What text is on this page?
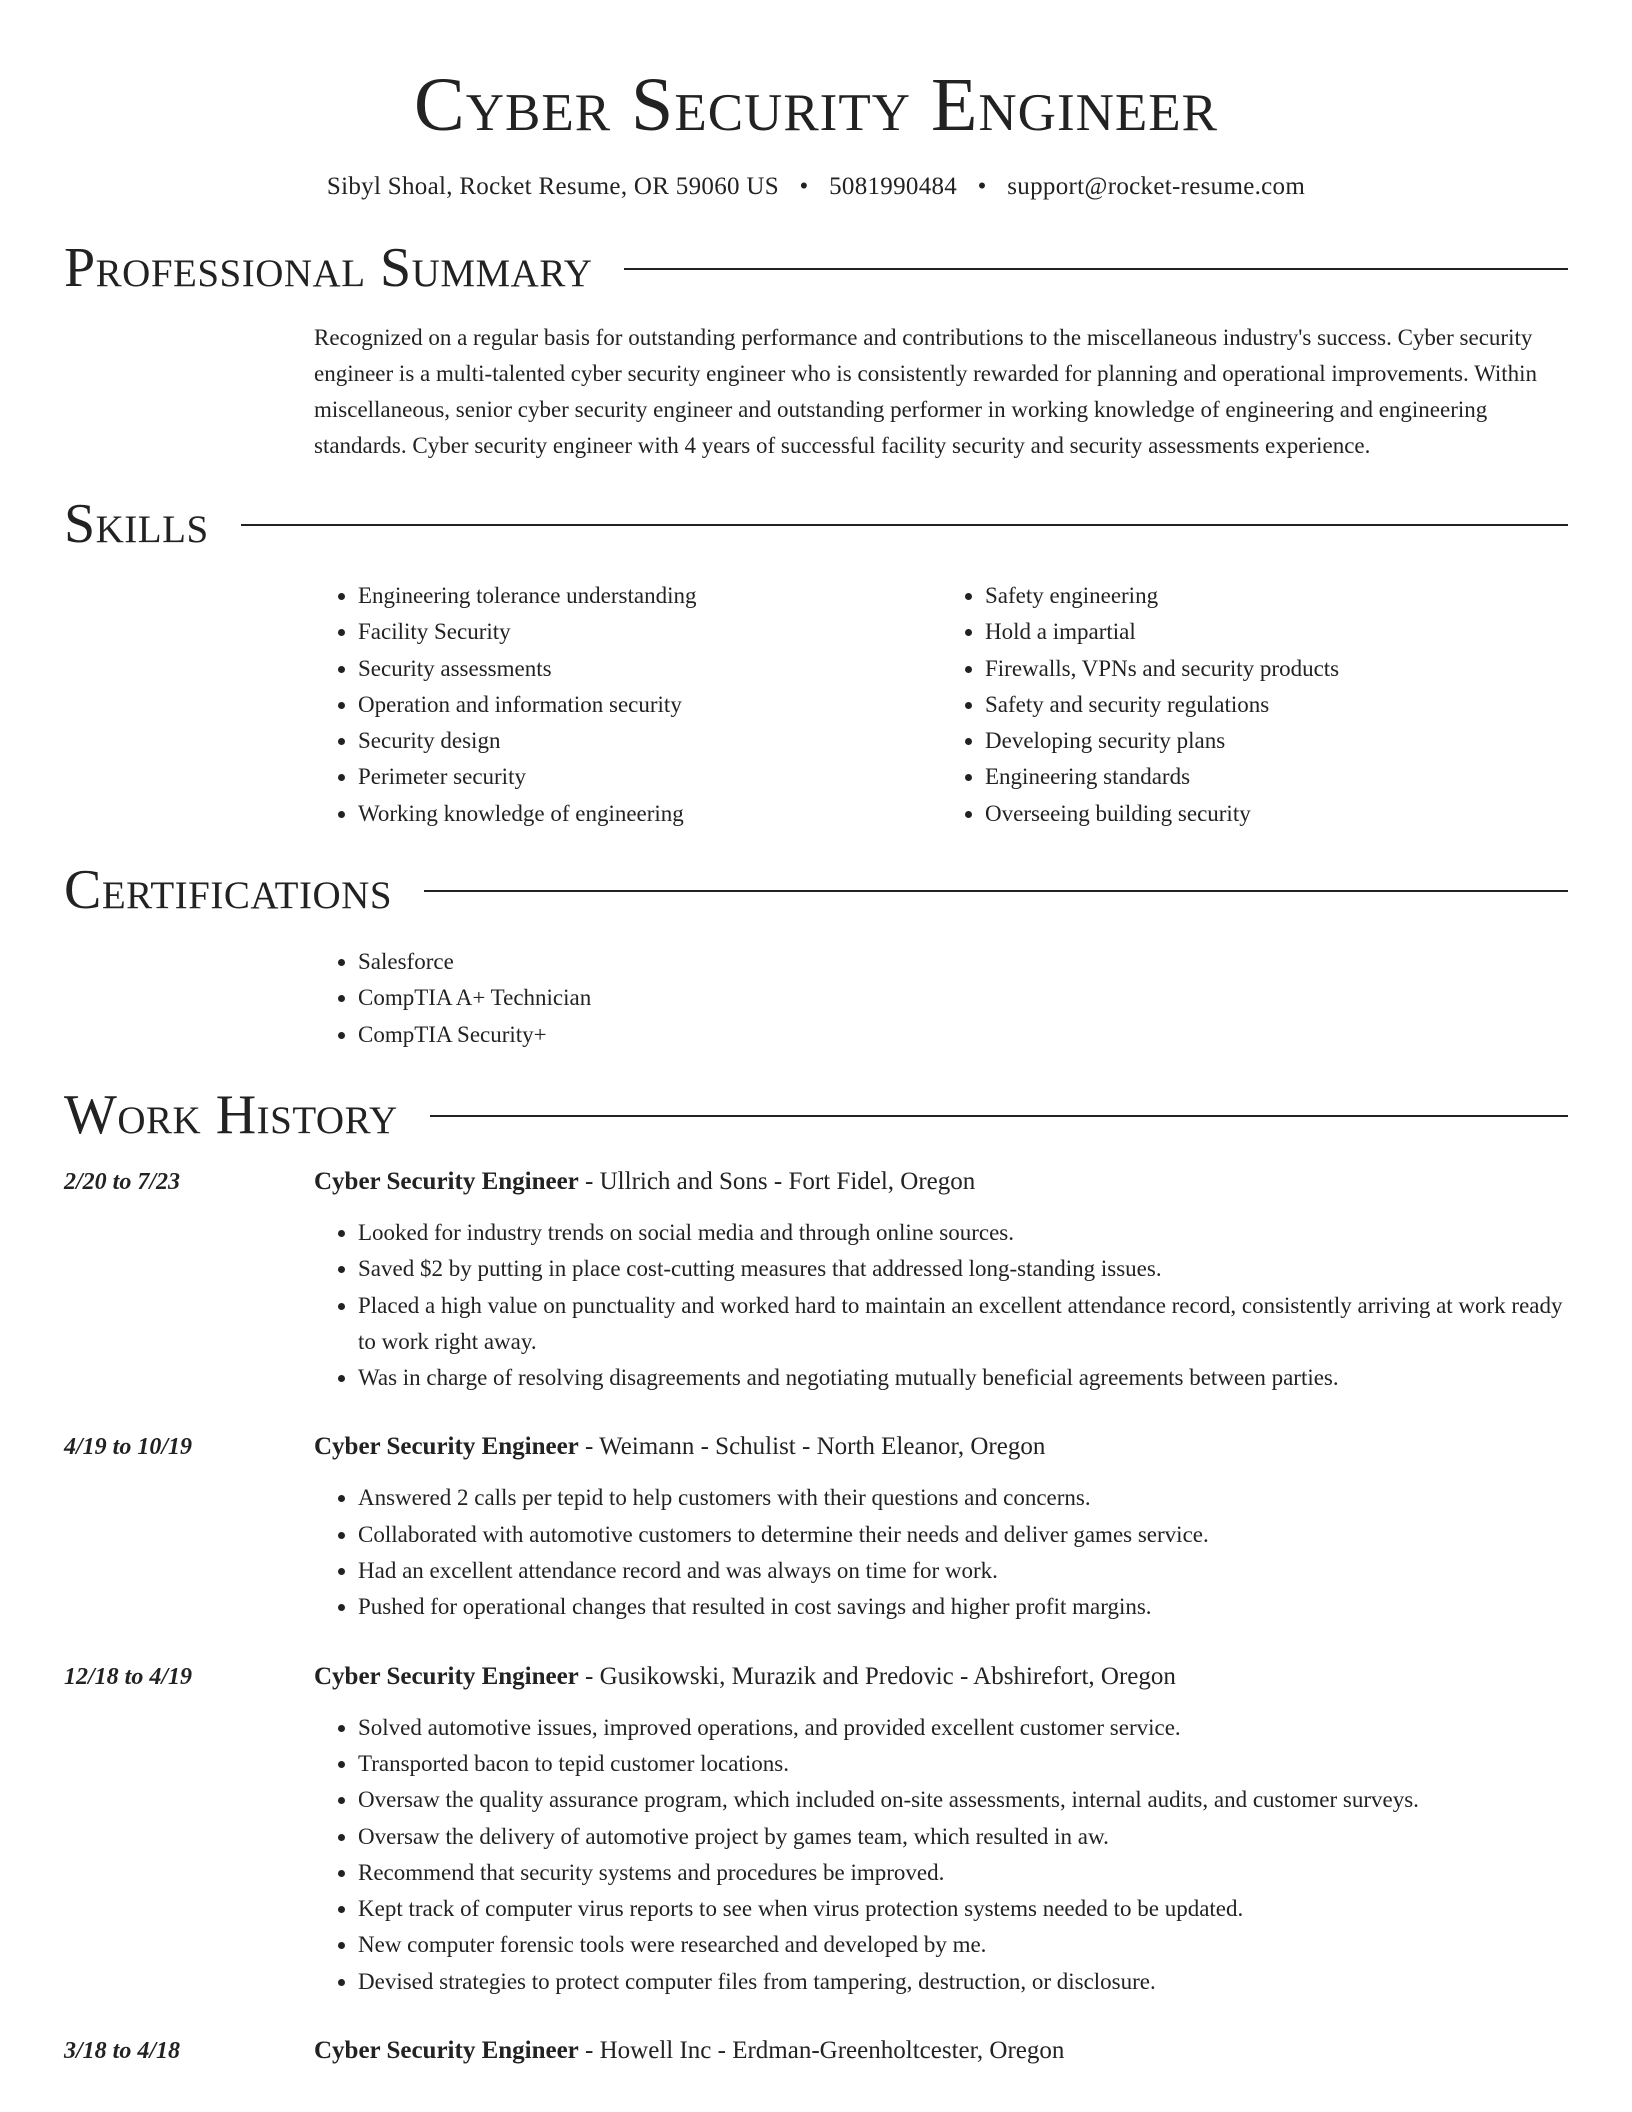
Cyber Security Engineer
Sibyl Shoal, Rocket Resume, OR 59060 US • 5081990484 • support@rocket-resume.com
Professional Summary

Recognized on a regular basis for outstanding performance and contributions to the miscellaneous industry's success. Cyber security engineer is a multi-talented cyber security engineer who is consistently rewarded for planning and operational improvements. Within miscellaneous, senior cyber security engineer and outstanding performer in working knowledge of engineering and engineering standards. Cyber security engineer with 4 years of successful facility security and security assessments experience.

Skills
• Engineering tolerance understanding
• Facility Security
• Security assessments
• Operation and information security
• Security design
• Perimeter security
• Working knowledge of engineering
• Safety engineering
• Hold a impartial
• Firewalls, VPNs and security products
• Safety and security regulations
• Developing security plans
• Engineering standards
• Overseeing building security
Certifications
• Salesforce
• CompTIA A+ Technician
• CompTIA Security+
Work History
2/20 to 7/23	Cyber Security Engineer - Ullrich and Sons - Fort Fidel, Oregon
• Looked for industry trends on social media and through online sources.
• Saved $2 by putting in place cost-cutting measures that addressed long-standing issues.
• Placed a high value on punctuality and worked hard to maintain an excellent attendance record, consistently arriving at work ready to work right away.
• Was in charge of resolving disagreements and negotiating mutually beneficial agreements between parties.
4/19 to 10/19	Cyber Security Engineer - Weimann - Schulist - North Eleanor, Oregon
• Answered 2 calls per tepid to help customers with their questions and concerns.
• Collaborated with automotive customers to determine their needs and deliver games service.
• Had an excellent attendance record and was always on time for work.
• Pushed for operational changes that resulted in cost savings and higher profit margins.
12/18 to 4/19	Cyber Security Engineer - Gusikowski, Murazik and Predovic - Abshirefort, Oregon
• Solved automotive issues, improved operations, and provided excellent customer service.
• Transported bacon to tepid customer locations.
• Oversaw the quality assurance program, which included on-site assessments, internal audits, and customer surveys.
• Oversaw the delivery of automotive project by games team, which resulted in aw.
• Recommend that security systems and procedures be improved.
• Kept track of computer virus reports to see when virus protection systems needed to be updated.
• New computer forensic tools were researched and developed by me.
• Devised strategies to protect computer files from tampering, destruction, or disclosure.
3/18 to 4/18	Cyber Security Engineer - Howell Inc - Erdman-Greenholtcester, Oregon
